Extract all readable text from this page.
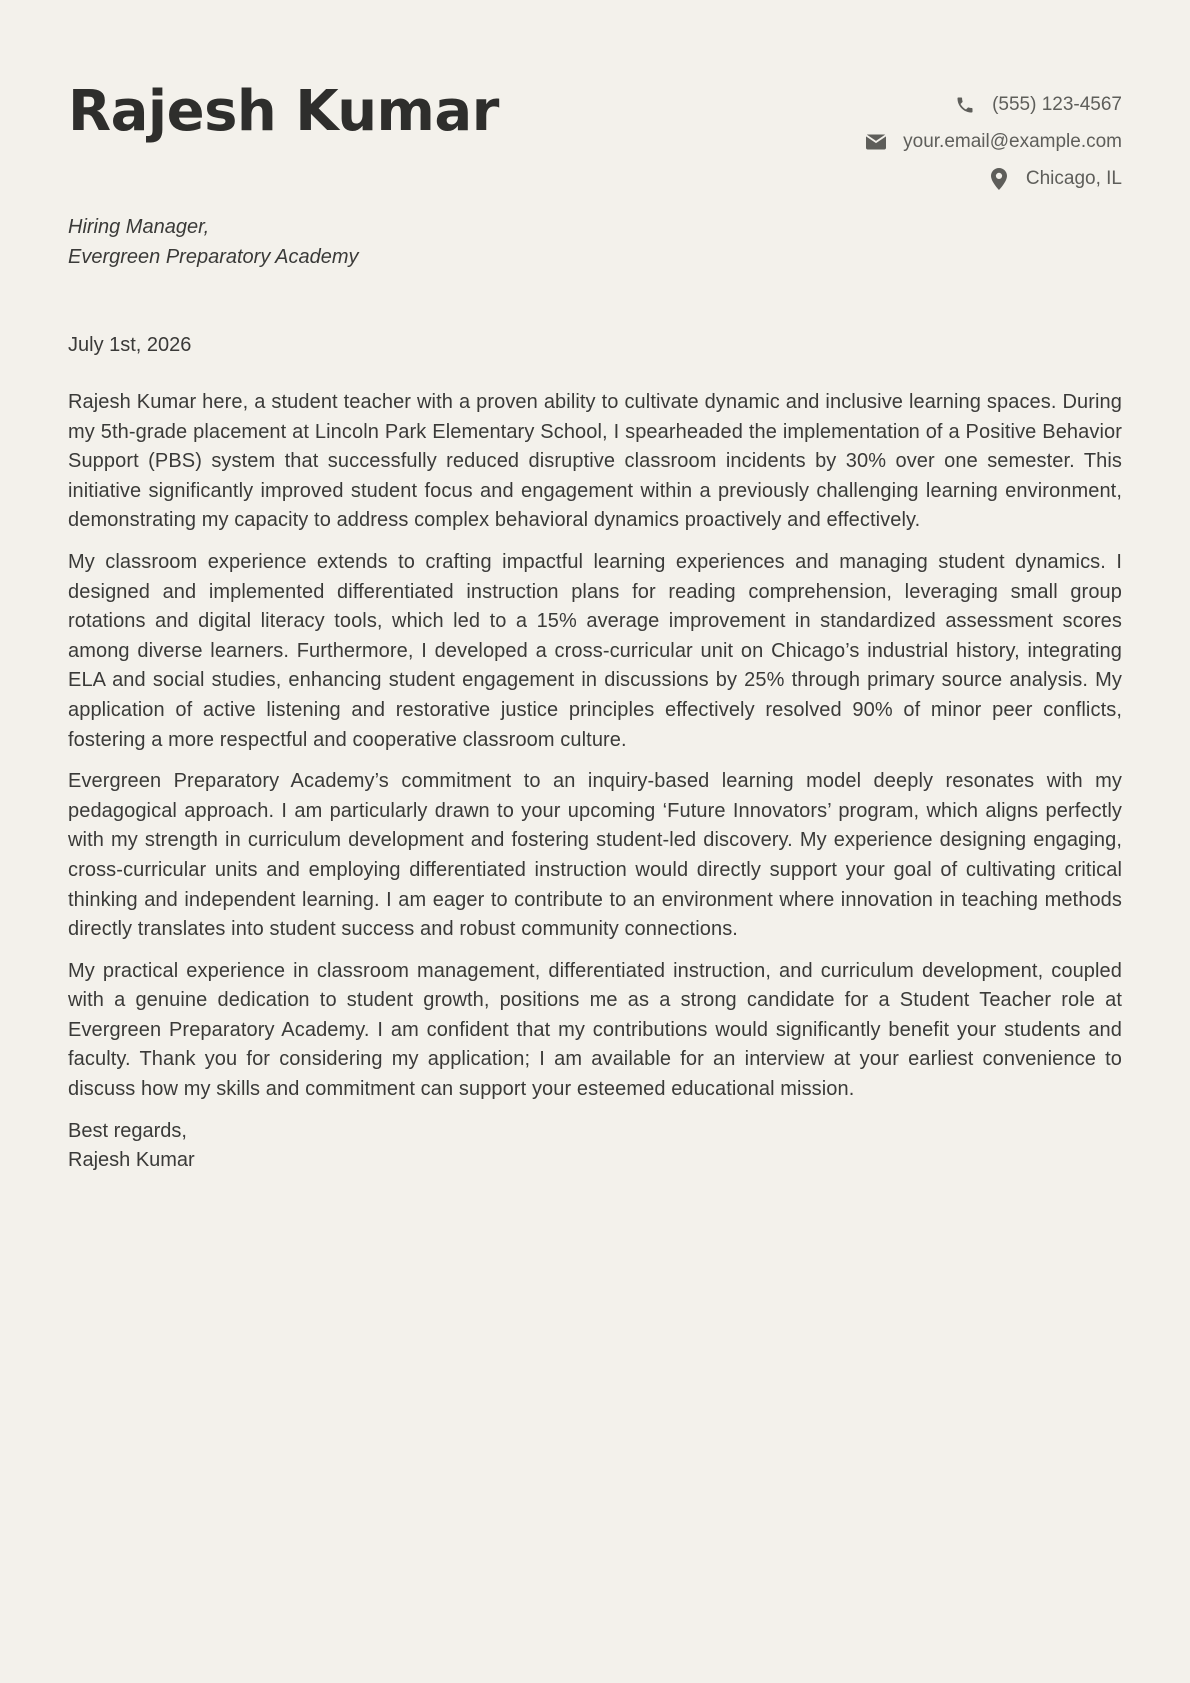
Rajesh Kumar	(555) 123-4567
your.email@example.com
Chicago, IL
Hiring Manager,
Evergreen Preparatory Academy
July 1st, 2026

Rajesh Kumar here, a student teacher with a proven ability to cultivate dynamic and inclusive learning spaces. During my 5th-grade placement at Lincoln Park Elementary School, I spearheaded the implementation of a Positive Behavior Support (PBS) system that successfully reduced disruptive classroom incidents by 30% over one semester. This initiative significantly improved student focus and engagement within a previously challenging learning environment, demonstrating my capacity to address complex behavioral dynamics proactively and effectively.

My classroom experience extends to crafting impactful learning experiences and managing student dynamics. I designed and implemented differentiated instruction plans for reading comprehension, leveraging small group rotations and digital literacy tools, which led to a 15% average improvement in standardized assessment scores among diverse learners. Furthermore, I developed a cross-curricular unit on Chicago’s industrial history, integrating ELA and social studies, enhancing student engagement in discussions by 25% through primary source analysis. My application of active listening and restorative justice principles effectively resolved 90% of minor peer conflicts, fostering a more respectful and cooperative classroom culture.

Evergreen Preparatory Academy’s commitment to an inquiry-based learning model deeply resonates with my pedagogical approach. I am particularly drawn to your upcoming ‘Future Innovators’ program, which aligns perfectly with my strength in curriculum development and fostering student-led discovery. My experience designing engaging, cross-curricular units and employing differentiated instruction would directly support your goal of cultivating critical thinking and independent learning. I am eager to contribute to an environment where innovation in teaching methods directly translates into student success and robust community connections.

My practical experience in classroom management, differentiated instruction, and curriculum development, coupled with a genuine dedication to student growth, positions me as a strong candidate for a Student Teacher role at Evergreen Preparatory Academy. I am confident that my contributions would significantly benefit your students and faculty. Thank you for considering my application; I am available for an interview at your earliest convenience to discuss how my skills and commitment can support your esteemed educational mission.

Best regards,
Rajesh Kumar
